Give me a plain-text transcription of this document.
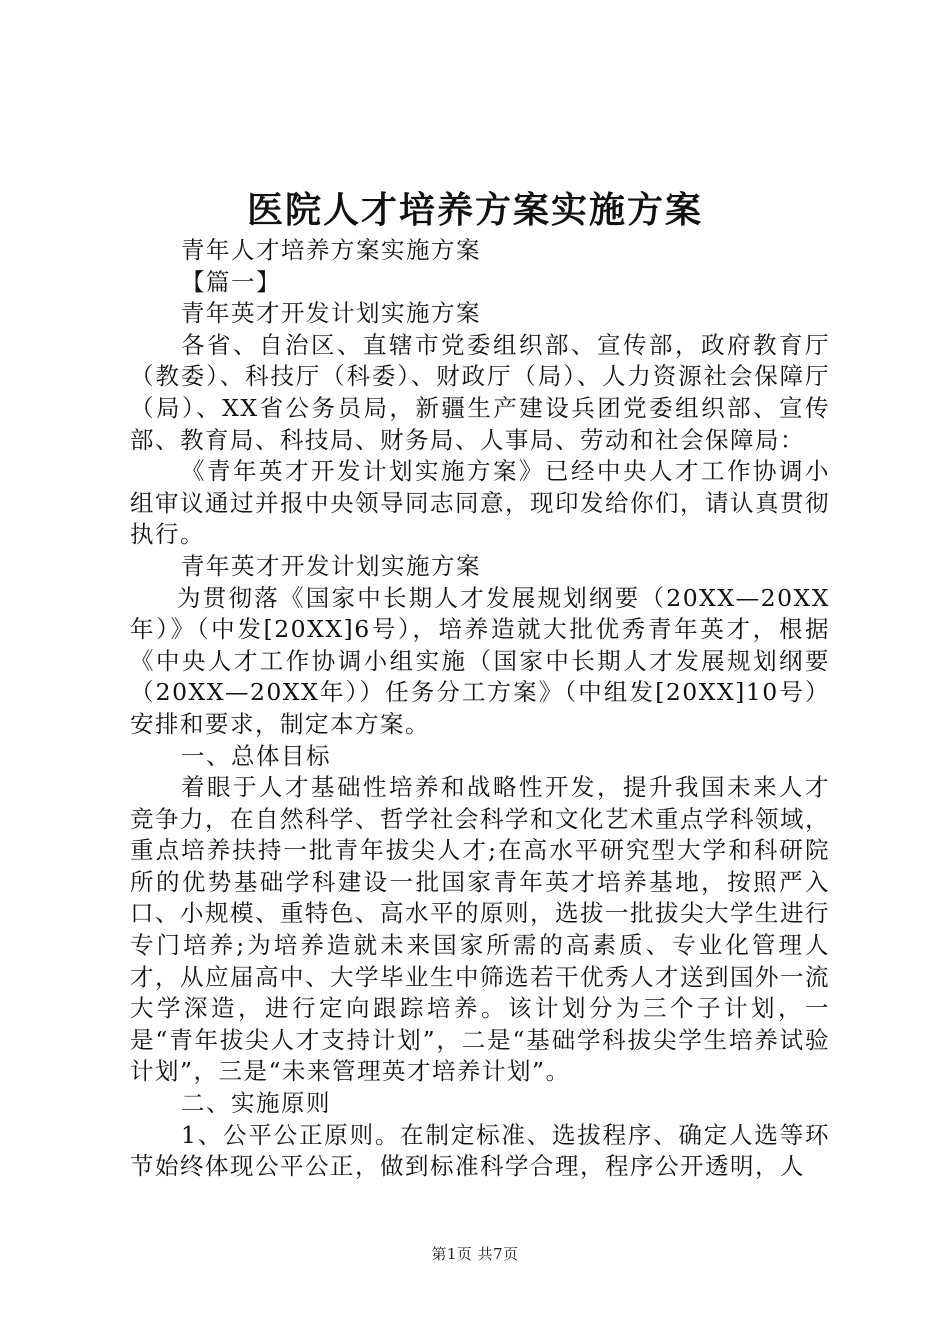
医院人才培养方案实施方案

青年人才培养方案实施方案

【篇一】

青年英才开发计划实施方案

各省、自治区、直辖市党委组织部、宣传部，政府教育厅（教委）、科技厅（科委）、财政厅（局）、人力资源社会保障厅（局）、XX省公务员局，新疆生产建设兵团党委组织部、宣传部、教育局、科技局、财务局、人事局、劳动和社会保障局：

《青年英才开发计划实施方案》已经中央人才工作协调小组审议通过并报中央领导同志同意，现印发给你们，请认真贯彻执行。

青年英才开发计划实施方案

为贯彻落《国家中长期人才发展规划纲要（20XX—20XX年）》（中发[20XX]6号），培养造就大批优秀青年英才，根据《中央人才工作协调小组实施（国家中长期人才发展规划纲要（20XX—20XX年））任务分工方案》（中组发[20XX]10号）安排和要求，制定本方案。

一、总体目标

着眼于人才基础性培养和战略性开发，提升我国未来人才竞争力，在自然科学、哲学社会科学和文化艺术重点学科领域，重点培养扶持一批青年拔尖人才;在高水平研究型大学和科研院所的优势基础学科建设一批国家青年英才培养基地，按照严入口、小规模、重特色、高水平的原则，选拔一批拔尖大学生进行专门培养;为培养造就未来国家所需的高素质、专业化管理人才，从应届高中、大学毕业生中筛选若干优秀人才送到国外一流大学深造，进行定向跟踪培养。该计划分为三个子计划，一是“青年拔尖人才支持计划”，二是“基础学科拔尖学生培养试验计划”，三是“未来管理英才培养计划”。

二、实施原则

1、公平公正原则。在制定标准、选拔程序、确定人选等环节始终体现公平公正，做到标准科学合理，程序公开透明，人

第1页 共7页
